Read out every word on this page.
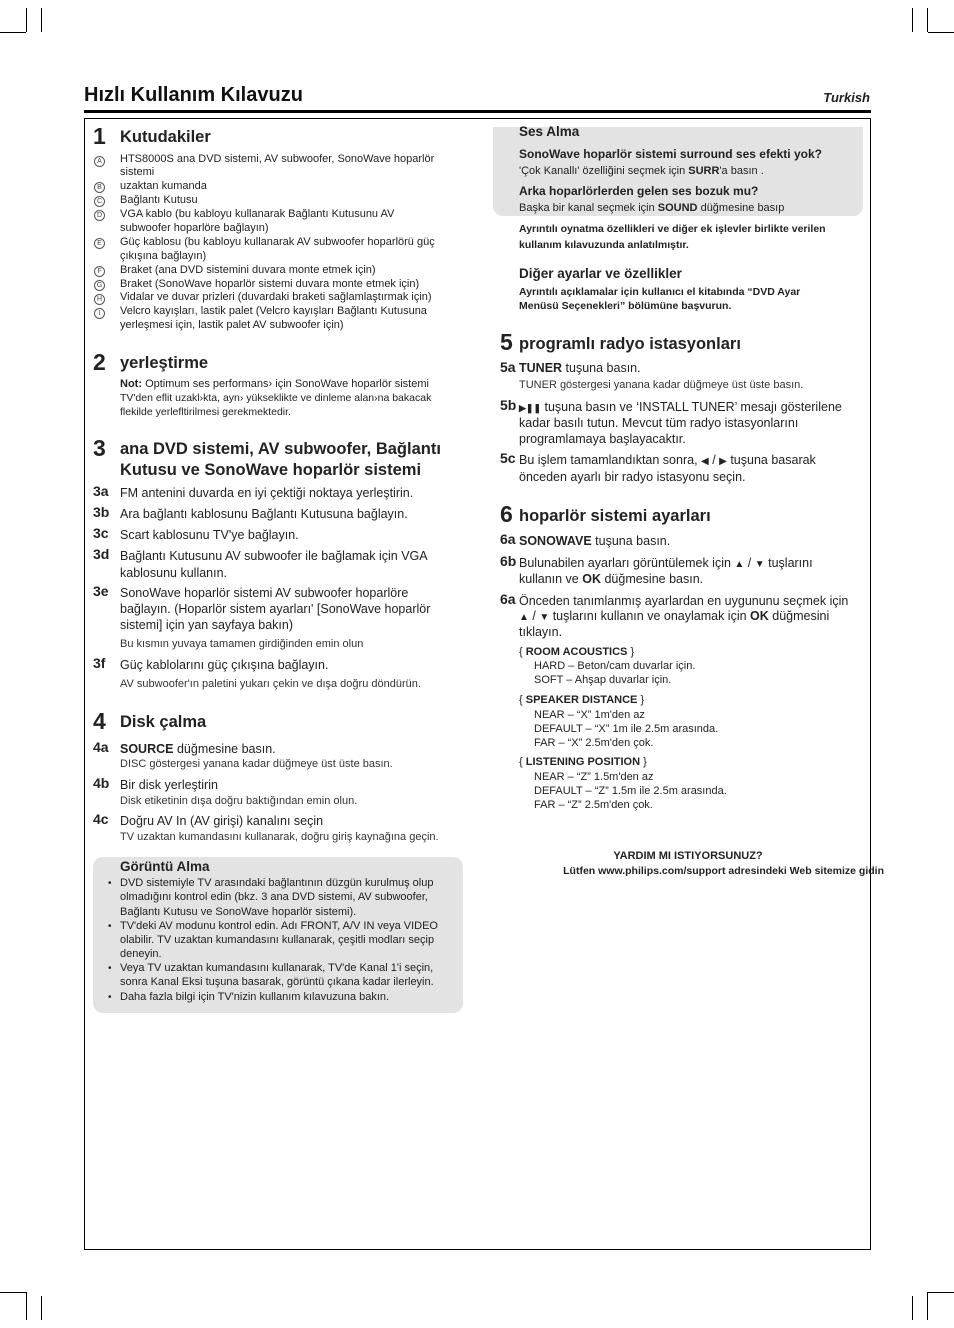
Hızlı Kullanım Kılavuzu	Turkish
1 Kutudakiler
A HTS8000S ana DVD sistemi, AV subwoofer, SonoWave hoparlör
sistemi
B uzaktan kumanda
C Bağlantı Kutusu
D VGA kablo (bu kabloyu kullanarak Bağlantı Kutusunu AV
subwoofer hoparlöre bağlayın)
E Güç kablosu (bu kabloyu kullanarak AV subwoofer hoparlörü güç
çıkışına bağlayın)
F	Braket (ana DVD sistemini duvara monte etmek için)
G Braket (SonoWave hoparlör sistemi duvara monte etmek için)
H Vidalar ve duvar prizleri (duvardaki braketi sağlamlaştırmak için)
I	Velcro kayışları, lastik palet (Velcro kayışları Bağlantı Kutusuna
yerleşmesi için, lastik palet AV subwoofer için)
2 yerleştirme
Not: Optimum ses performans› için SonoWave hoparlör sistemi
TV'den eflit uzakl›kta, ayn› yükseklikte ve dinleme alan›na bakacak
flekilde yerlefltirilmesi gerekmektedir.
3 ana DVD sistemi, AV subwoofer, Bağlantı
Kutusu ve SonoWave hoparlör sistemi
3a FM antenini duvarda en iyi çektiği noktaya yerleştirin.
3b Ara bağlantı kablosunu Bağlantı Kutusuna bağlayın.
3c Scart kablosunu TV'ye bağlayın.
3d Bağlantı Kutusunu AV subwoofer ile bağlamak için VGA
kablosunu kullanın.
3e SonoWave hoparlör sistemi AV subwoofer hoparlöre
bağlayın. (Hoparlör sistem ayarları' [SonoWave hoparlör
sistemi] için yan sayfaya bakın)
Bu kısmın yuvaya tamamen girdiğinden emin olun
3f Güç kablolarını güç çıkışına bağlayın.
AV subwoofer'ın paletini yukarı çekin ve dışa doğru döndürün.
4 Disk çalma
4a SOURCE düğmesine basın.
DISC göstergesi yanana kadar düğmeye üst üste basın.
4b Bir disk yerleştirin
Disk etiketinin dışa doğru baktığından emin olun.
4c Doğru AV In (AV girişi) kanalını seçin
TV uzaktan kumandasını kullanarak, doğru giriş kaynağına geçin.
Görüntü Alma
• DVD sistemiyle TV arasındaki bağlantının düzgün kurulmuş olup
olmadığını kontrol edin (bkz. 3 ana DVD sistemi, AV subwoofer,
Bağlantı Kutusu ve SonoWave hoparlör sistemi).
• TV'deki AV modunu kontrol edin. Adı FRONT, A/V IN veya VIDEO
olabilir. TV uzaktan kumandasını kullanarak, çeşitli modları seçip
deneyin.
• Veya TV uzaktan kumandasını kullanarak, TV'de Kanal 1'i seçin,
sonra Kanal Eksi tuşuna basarak, görüntü çıkana kadar ilerleyin.
• Daha fazla bilgi için TV'nizin kullanım kılavuzuna bakın.
Ses Alma
SonoWave hoparlör sistemi surround ses efekti yok?
'Çok Kanallı' özelliğini seçmek için SURR'a basın .
Arka hoparlörlerden gelen ses bozuk mu?
Başka bir kanal seçmek için SOUND düğmesine basıp
Ayrıntılı oynatma özellikleri ve diğer ek işlevler birlikte verilen
kullanım kılavuzunda anlatılmıştır.
Diğer ayarlar ve özellikler
Ayrıntılı açıklamalar için kullanıcı el kitabında “DVD Ayar
Menüsü Seçenekleri” bölümüne başvurun.
5 programlı radyo istasyonları
5a TUNER tuşuna basın.
TUNER göstergesi yanana kadar düğmeye üst üste basın.
5b ▶❚❚ tuşuna basın ve ‘INSTALL TUNER’ mesajı gösterilene
kadar basılı tutun. Mevcut tüm radyo istasyonlarını
programlamaya başlayacaktır.
5c Bu işlem tamamlandıktan sonra, ◀ / ▶ tuşuna basarak
önceden ayarlı bir radyo istasyonu seçin.
6 hoparlör sistemi ayarları
6a SONOWAVE tuşuna basın.
6b Bulunabilen ayarları görüntülemek için ▲ / ▼ tuşlarını
kullanın ve OK düğmesine basın.
6a Önceden tanımlanmış ayarlardan en uygununu seçmek için
▲ / ▼ tuşlarını kullanın ve onaylamak için OK düğmesini
tıklayın.
{ ROOM ACOUSTICS }
HARD – Beton/cam duvarlar için.
SOFT – Ahşap duvarlar için.
{ SPEAKER DISTANCE }
NEAR – “X” 1m'den az
DEFAULT – “X” 1m ile 2.5m arasında.
FAR – “X” 2.5m'den çok.
{ LISTENING POSITION }
NEAR – “Z” 1.5m'den az
DEFAULT – “Z” 1.5m ile 2.5m arasında.
FAR – “Z” 2.5m'den çok.
YARDIM MI ISTIYORSUNUZ?
Lütfen www.philips.com/support adresindeki Web sitemize gidin
